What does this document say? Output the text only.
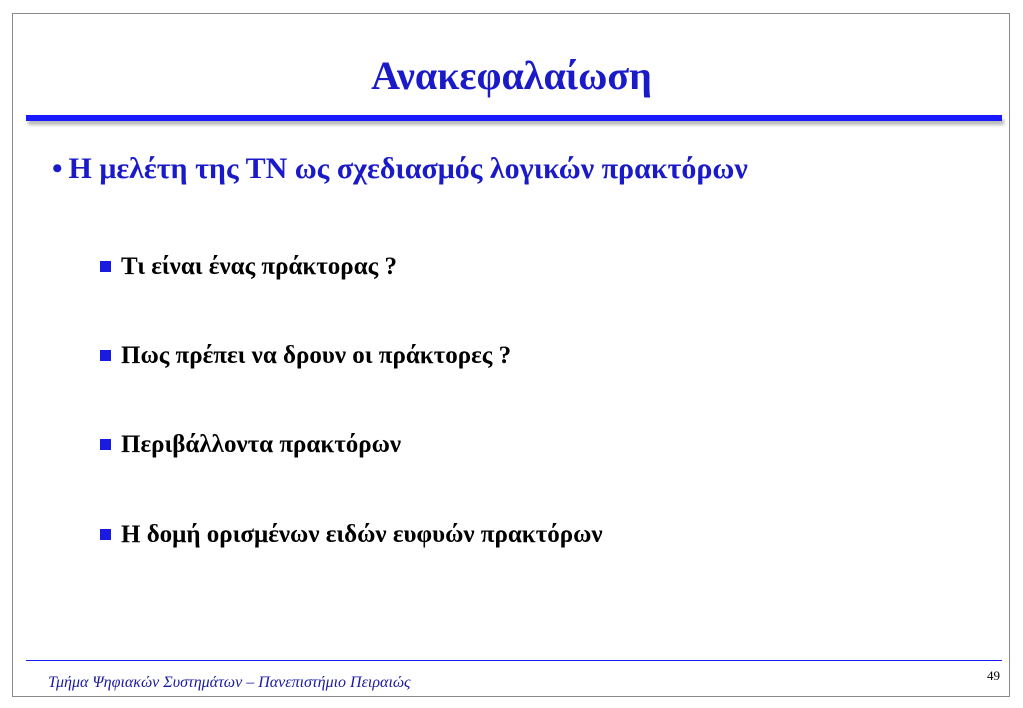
Ανακεφαλαίωση
• Η μελέτη της ΤΝ ως σχεδιασμός λογικών πρακτόρων
Τι είναι ένας πράκτορας ?
Πως πρέπει να δρουν οι πράκτορες ?
Περιβάλλοντα πρακτόρων
Η δομή ορισμένων ειδών ευφυών πρακτόρων
Τμήμα Ψηφιακών Συστημάτων – Πανεπιστήμιο Πειραιώς	49
